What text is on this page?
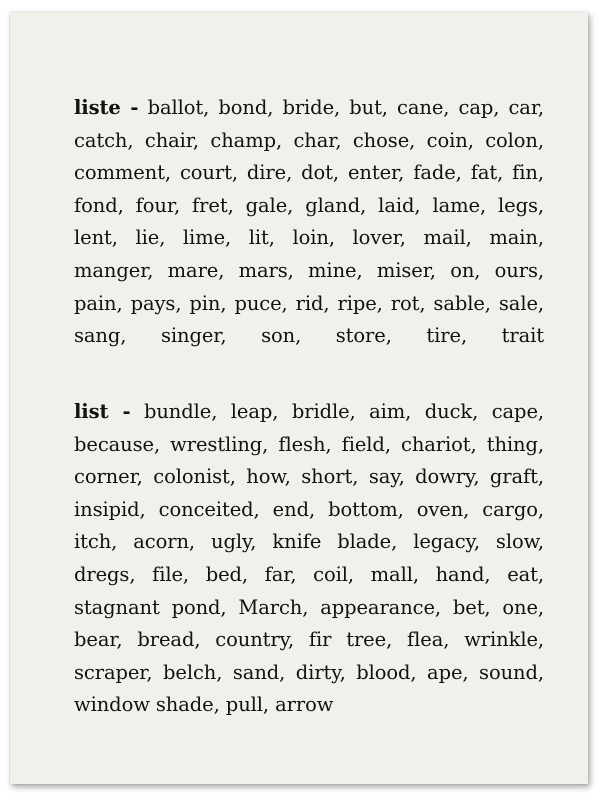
liste - ballot, bond, bride, but, cane, cap, car, catch, chair, champ, char, chose, coin, colon, comment, court, dire, dot, enter, fade, fat, fin, fond, four, fret, gale, gland, laid, lame, legs, lent, lie, lime, lit, loin, lover, mail, main, manger, mare, mars, mine, miser, on, ours, pain, pays, pin, puce, rid, ripe, rot, sable, sale, sang, singer, son, store, tire, trait

list - bundle, leap, bridle, aim, duck, cape, because, wrestling, flesh, field, chariot, thing, corner, colonist, how, short, say, dowry, graft, insipid, conceited, end, bottom, oven, cargo, itch, acorn, ugly, knife blade, legacy, slow, dregs, file, bed, far, coil, mall, hand, eat, stagnant pond, March, appearance, bet, one, bear, bread, country, fir tree, flea, wrinkle, scraper, belch, sand, dirty, blood, ape, sound, window shade, pull, arrow
